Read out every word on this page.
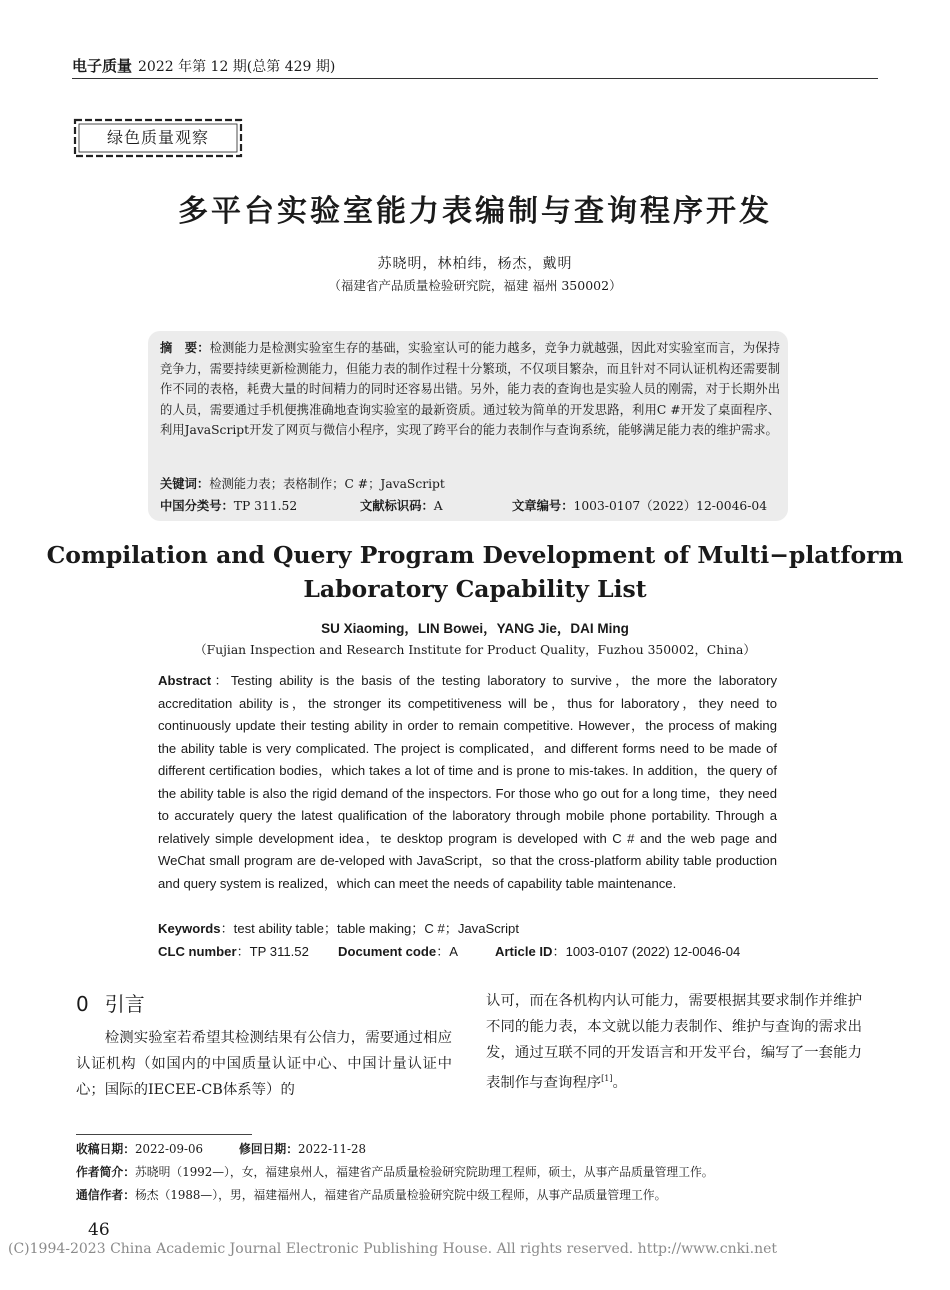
电子质量 2022 年第 12 期(总第 429 期)
绿色质量观察
多平台实验室能力表编制与查询程序开发
苏晓明，林柏纬，杨杰，戴明
（福建省产品质量检验研究院，福建 福州 350002）
摘　要：检测能力是检测实验室生存的基础，实验室认可的能力越多，竞争力就越强，因此对实验室而言，为保持竞争力，需要持续更新检测能力，但能力表的制作过程十分繁琐，不仅项目繁杂，而且针对不同认证机构还需要制作不同的表格，耗费大量的时间精力的同时还容易出错。另外，能力表的查询也是实验人员的刚需，对于长期外出的人员，需要通过手机便携准确地查询实验室的最新资质。通过较为简单的开发思路，利用C #开发了桌面程序、利用JavaScript开发了网页与微信小程序，实现了跨平台的能力表制作与查询系统，能够满足能力表的维护需求。
关键词：检测能力表；表格制作；C #；JavaScript
中国分类号：TP 311.52	文献标识码：A	文章编号：1003-0107（2022）12-0046-04
Compilation and Query Program Development of Multi−platform Laboratory Capability List
SU Xiaoming，LIN Bowei，YANG Jie，DAI Ming
（Fujian Inspection and Research Institute for Product Quality，Fuzhou 350002，China）
Abstract：Testing ability is the basis of the testing laboratory to survive，the more the laboratory accreditation ability is，the stronger its competitiveness will be，thus for laboratory，they need to continuously update their testing ability in order to remain competitive. However，the process of making the ability table is very complicated. The project is complicated，and different forms need to be made of different certification bodies，which takes a lot of time and is prone to mis-takes. In addition，the query of the ability table is also the rigid demand of the inspectors. For those who go out for a long time，they need to accurately query the latest qualification of the laboratory through mobile phone portability. Through a relatively simple development idea，te desktop program is developed with C # and the web page and WeChat small program are de-veloped with JavaScript，so that the cross-platform ability table production and query system is realized，which can meet the needs of capability table maintenance.
Keywords：test ability table；table making；C #；JavaScript
CLC number：TP 311.52 Document code：A	Article ID：1003-0107 (2022) 12-0046-04
0 引言

检测实验室若希望其检测结果有公信力，需要通过相应认证机构（如国内的中国质量认证中心、中国计量认证中心；国际的IECEE-CB体系等）的

认可，而在各机构内认可能力，需要根据其要求制作并维护不同的能力表，本文就以能力表制作、维护与查询的需求出发，通过互联不同的开发语言和开发平台，编写了一套能力表制作与查询程序[1]。

收稿日期：2022-09-06	修回日期：2022-11-28
作者简介：苏晓明（1992—），女，福建泉州人，福建省产品质量检验研究院助理工程师，硕士，从事产品质量管理工作。
通信作者：杨杰（1988—），男，福建福州人，福建省产品质量检验研究院中级工程师，从事产品质量管理工作。
46
(C)1994-2023 China Academic Journal Electronic Publishing House. All rights reserved. http://www.cnki.net
